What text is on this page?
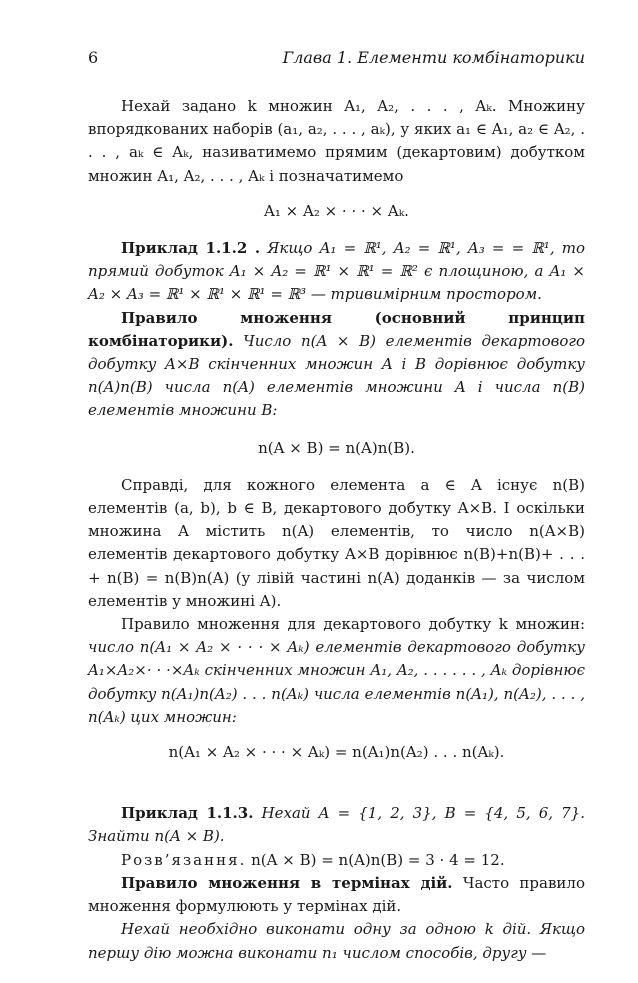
6	Глава 1. Елементи комбінаторики

Нехай задано k множин A₁, A₂, . . . , Aₖ. Множину впорядкованих наборів (a₁, a₂, . . . , aₖ), у яких a₁ ∈ A₁, a₂ ∈ A₂, . . . , aₖ ∈ Aₖ, називатимемо прямим (декартовим) добутком множин A₁, A₂, . . . , Aₖ і позначатимемо

A₁ × A₂ × · · · × Aₖ.

Приклад 1.1.2 . Якщо A₁ = ℝ¹, A₂ = ℝ¹, A₃ = = ℝ¹, то прямий добуток A₁ × A₂ = ℝ¹ × ℝ¹ = ℝ² є площиною, а A₁ × A₂ × A₃ = ℝ¹ × ℝ¹ × ℝ¹ = ℝ³ — тривимірним простором.

Правило множення (основний принцип комбінаторики). Число n(A × B) елементів декартового добутку A×B скінченних множин A і B дорівнює добутку n(A)n(B) числа n(A) елементів множини A і числа n(B) елементів множини B:

n(A × B) = n(A)n(B).

Справді, для кожного елемента a ∈ A існує n(B) елементів (a, b), b ∈ B, декартового добутку A×B. І оскільки множина A містить n(A) елементів, то число n(A×B) елементів декартового добутку A×B дорівнює n(B)+n(B)+ . . . + n(B) = n(B)n(A) (у лівій частині n(A) доданків — за числом елементів у множині A).

Правило множення для декартового добутку k множин: число n(A₁ × A₂ × · · · × Aₖ) елементів декартового добутку A₁×A₂×· · ·×Aₖ скінченних множин A₁, A₂, . . . . . . , Aₖ дорівнює добутку n(A₁)n(A₂) . . . n(Aₖ) числа елементів n(A₁), n(A₂), . . . , n(Aₖ) цих множин:

n(A₁ × A₂ × · · · × Aₖ) = n(A₁)n(A₂) . . . n(Aₖ).

Приклад 1.1.3. Нехай A = {1, 2, 3}, B = {4, 5, 6, 7}. Знайти n(A × B).

Розв’язання. n(A × B) = n(A)n(B) = 3 · 4 = 12.

Правило множення в термінах дій. Часто правило множення формулюють у термінах дій.

Нехай необхідно виконати одну за одною k дій. Якщо першу дію можна виконати n₁ числом способів, другу —
